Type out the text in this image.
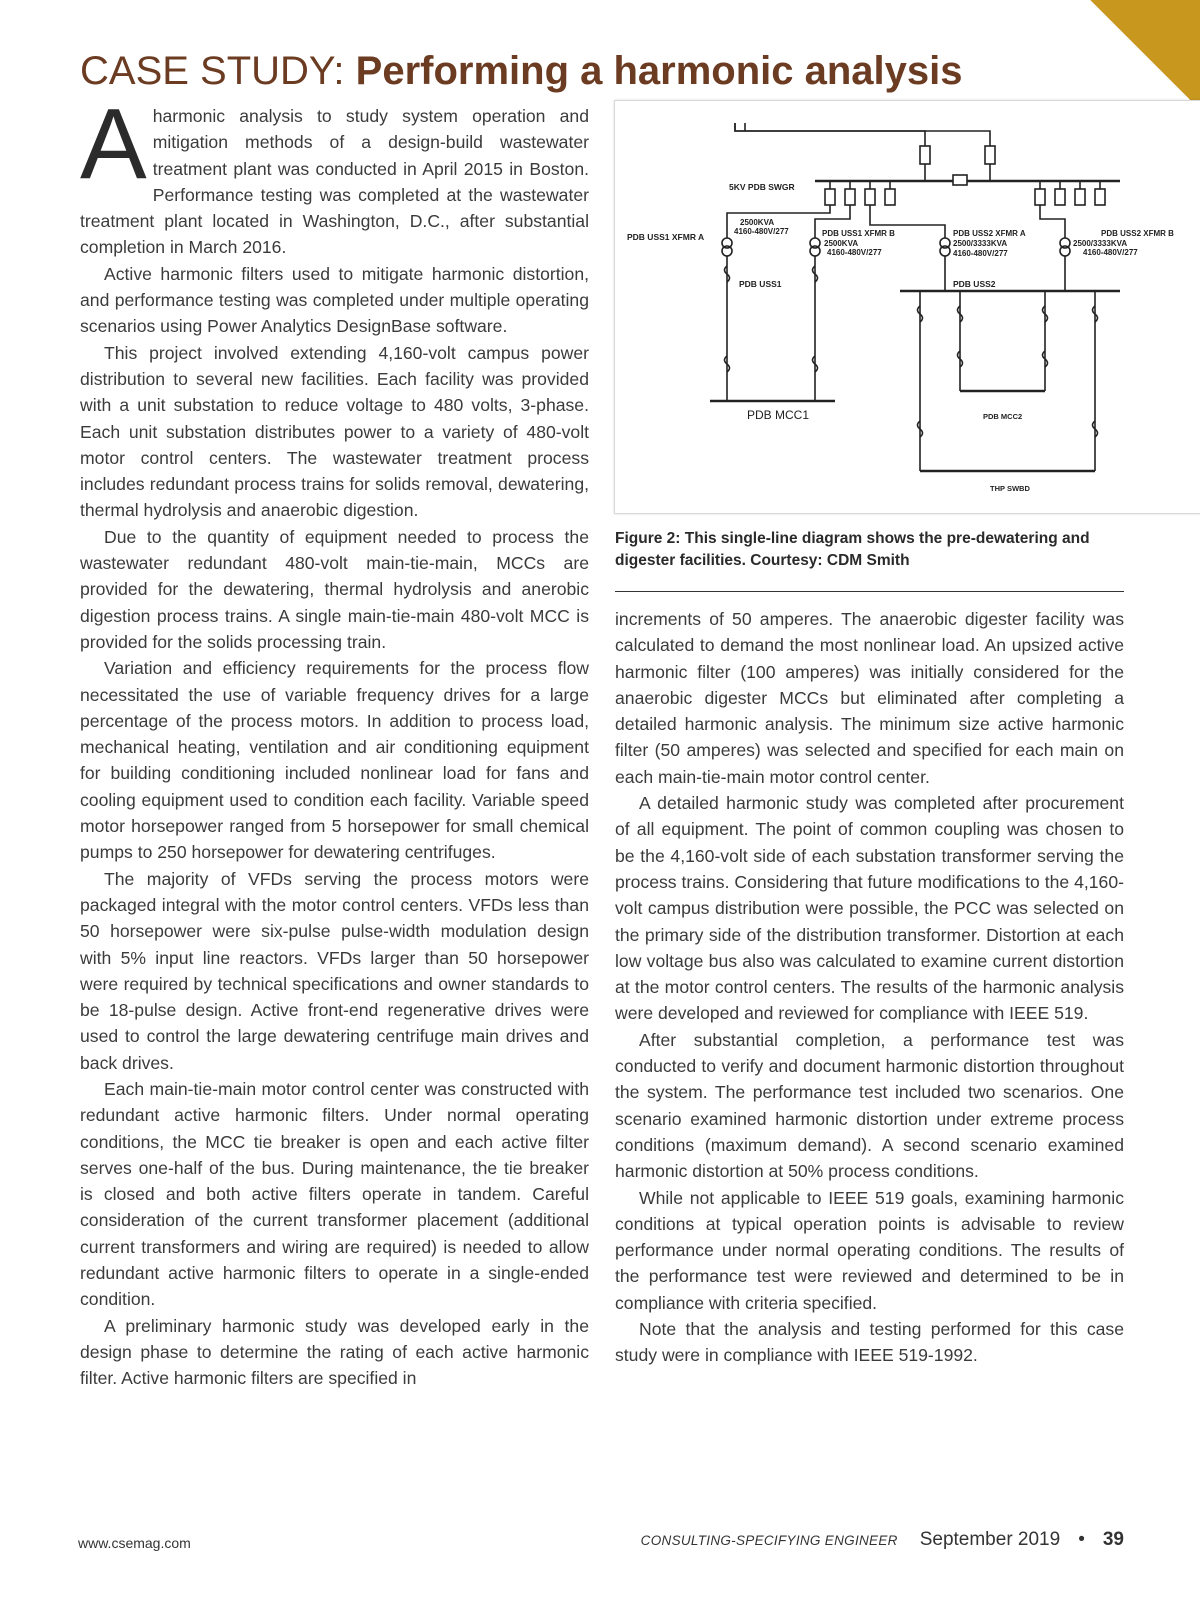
CASE STUDY: Performing a harmonic analysis

A harmonic analysis to study system operation and mitigation methods of a design-build wastewater treatment plant was conducted in April 2015 in Boston. Performance testing was completed at the wastewater treatment plant located in Washington, D.C., after substantial completion in March 2016.

Active harmonic filters used to mitigate harmonic distortion, and performance testing was completed under multiple operating scenarios using Power Analytics DesignBase software.

This project involved extending 4,160-volt campus power distribution to several new facilities. Each facility was provided with a unit substation to reduce voltage to 480 volts, 3-phase. Each unit substation distributes power to a variety of 480-volt motor control centers. The wastewater treatment process includes redundant process trains for solids removal, dewatering, thermal hydrolysis and anaerobic digestion.

Due to the quantity of equipment needed to process the wastewater redundant 480-volt main-tie-main, MCCs are provided for the dewatering, thermal hydrolysis and anerobic digestion process trains. A single main-tie-main 480-volt MCC is provided for the solids processing train.

Variation and efficiency requirements for the process flow necessitated the use of variable frequency drives for a large percentage of the process motors. In addition to process load, mechanical heating, ventilation and air conditioning equipment for building conditioning included nonlinear load for fans and cooling equipment used to condition each facility. Variable speed motor horsepower ranged from 5 horsepower for small chemical pumps to 250 horsepower for dewatering centrifuges.

The majority of VFDs serving the process motors were packaged integral with the motor control centers. VFDs less than 50 horsepower were six-pulse pulse-width modulation design with 5% input line reactors. VFDs larger than 50 horsepower were required by technical specifications and owner standards to be 18-pulse design. Active front-end regenerative drives were used to control the large dewatering centrifuge main drives and back drives.

Each main-tie-main motor control center was constructed with redundant active harmonic filters. Under normal operating conditions, the MCC tie breaker is open and each active filter serves one-half of the bus. During maintenance, the tie breaker is closed and both active filters operate in tandem. Careful consideration of the current transformer placement (additional current transformers and wiring are required) is needed to allow redundant active harmonic filters to operate in a single-ended condition.

A preliminary harmonic study was developed early in the design phase to determine the rating of each active harmonic filter. Active harmonic filters are specified in

5KV PDB SWGR
PDB USS1 XFMR A
2500KVA
4160-480V/277	PDB USS1 XFMR B
2500KVA
4160-480V/277
PDB USS2 XFMR A
2500/3333KVA
4160-480V/277
PDB USS2 XFMR B
2500/3333KVA
4160-480V/277
PDB USS1	PDB USS2
PDB MCC1	PDB MCC2
THP SWBD

Figure 2: This single-line diagram shows the pre-dewatering and digester facilities. Courtesy: CDM Smith

increments of 50 amperes. The anaerobic digester facility was calculated to demand the most nonlinear load. An upsized active harmonic filter (100 amperes) was initially considered for the anaerobic digester MCCs but eliminated after completing a detailed harmonic analysis. The minimum size active harmonic filter (50 amperes) was selected and specified for each main on each main-tie-main motor control center.

A detailed harmonic study was completed after procurement of all equipment. The point of common coupling was chosen to be the 4,160-volt side of each substation transformer serving the process trains. Considering that future modifications to the 4,160-volt campus distribution were possible, the PCC was selected on the primary side of the distribution transformer. Distortion at each low voltage bus also was calculated to examine current distortion at the motor control centers. The results of the harmonic analysis were developed and reviewed for compliance with IEEE 519.

After substantial completion, a performance test was conducted to verify and document harmonic distortion throughout the system. The performance test included two scenarios. One scenario examined harmonic distortion under extreme process conditions (maximum demand). A second scenario examined harmonic distortion at 50% process conditions.

While not applicable to IEEE 519 goals, examining harmonic conditions at typical operation points is advisable to review performance under normal operating conditions. The results of the performance test were reviewed and determined to be in compliance with criteria specified.

Note that the analysis and testing performed for this case study were in compliance with IEEE 519-1992.

www.csemag.com	CONSULTING-SPECIFYING ENGINEER September 2019 • 39
